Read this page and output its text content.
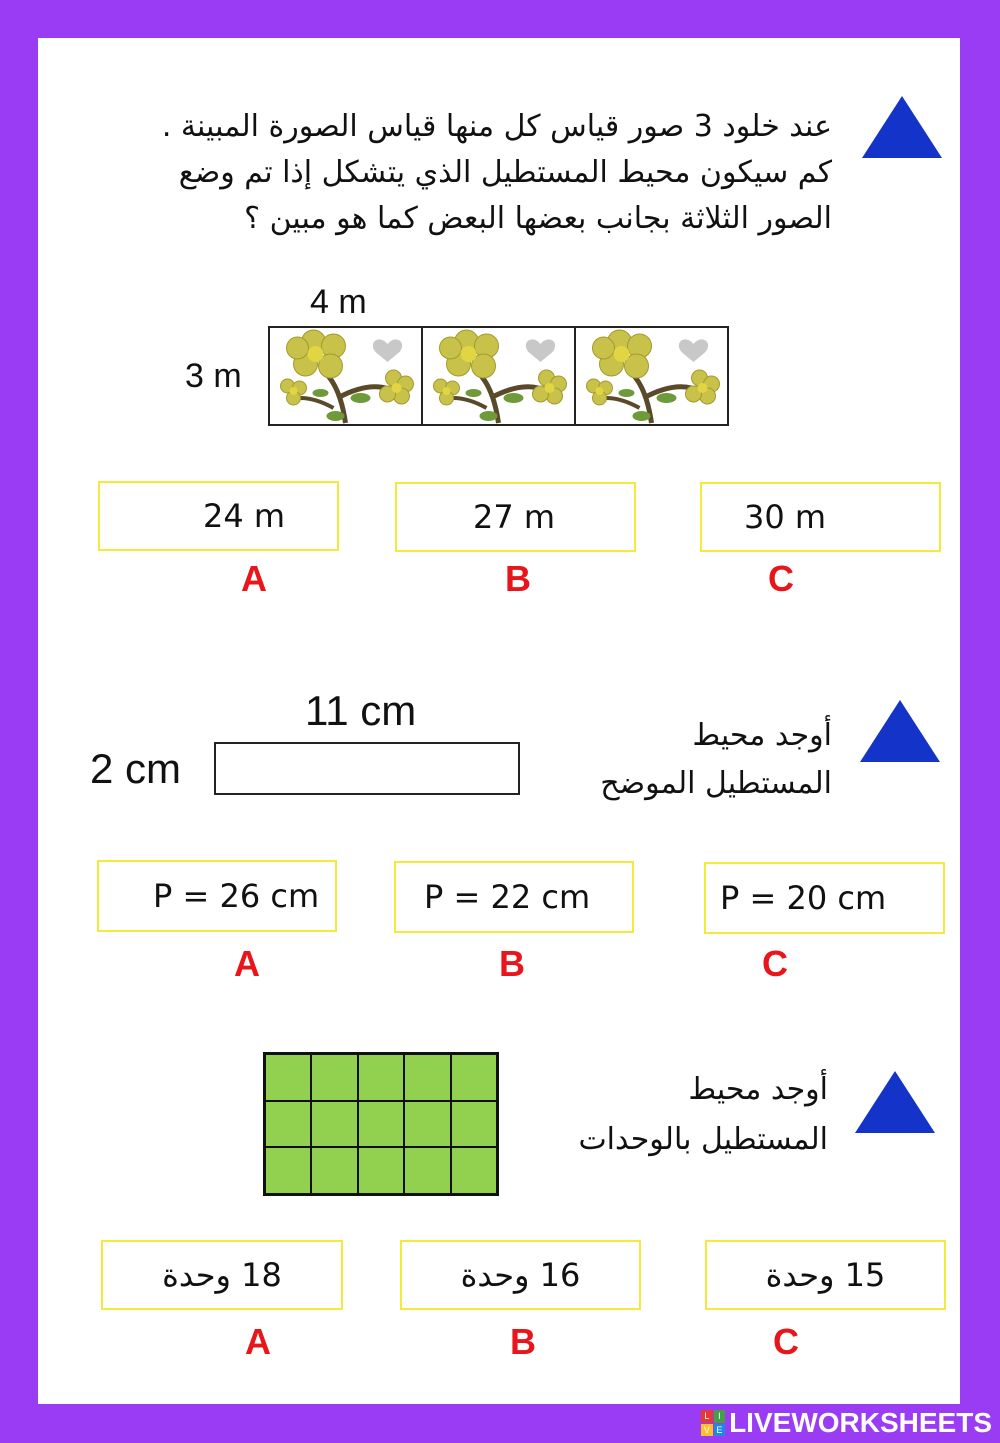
عند خلود 3 صور قياس كل منها قياس الصورة المبينة .
كم سيكون محيط المستطيل الذي يتشكل إذا تم وضع
الصور الثلاثة بجانب بعضها البعض كما هو مبين ؟
4 m
3 m
24 m	27 m	30 m
A	B	C
أوجد محيط
المستطيل الموضح
11 cm
2 cm
P = 26 cm	P = 22 cm	P = 20 cm
A	B	C
أوجد محيط
المستطيل بالوحدات
18 وحدة	16 وحدة	15 وحدة
A	B	C
L I
V E LIVEWORKSHEETS
